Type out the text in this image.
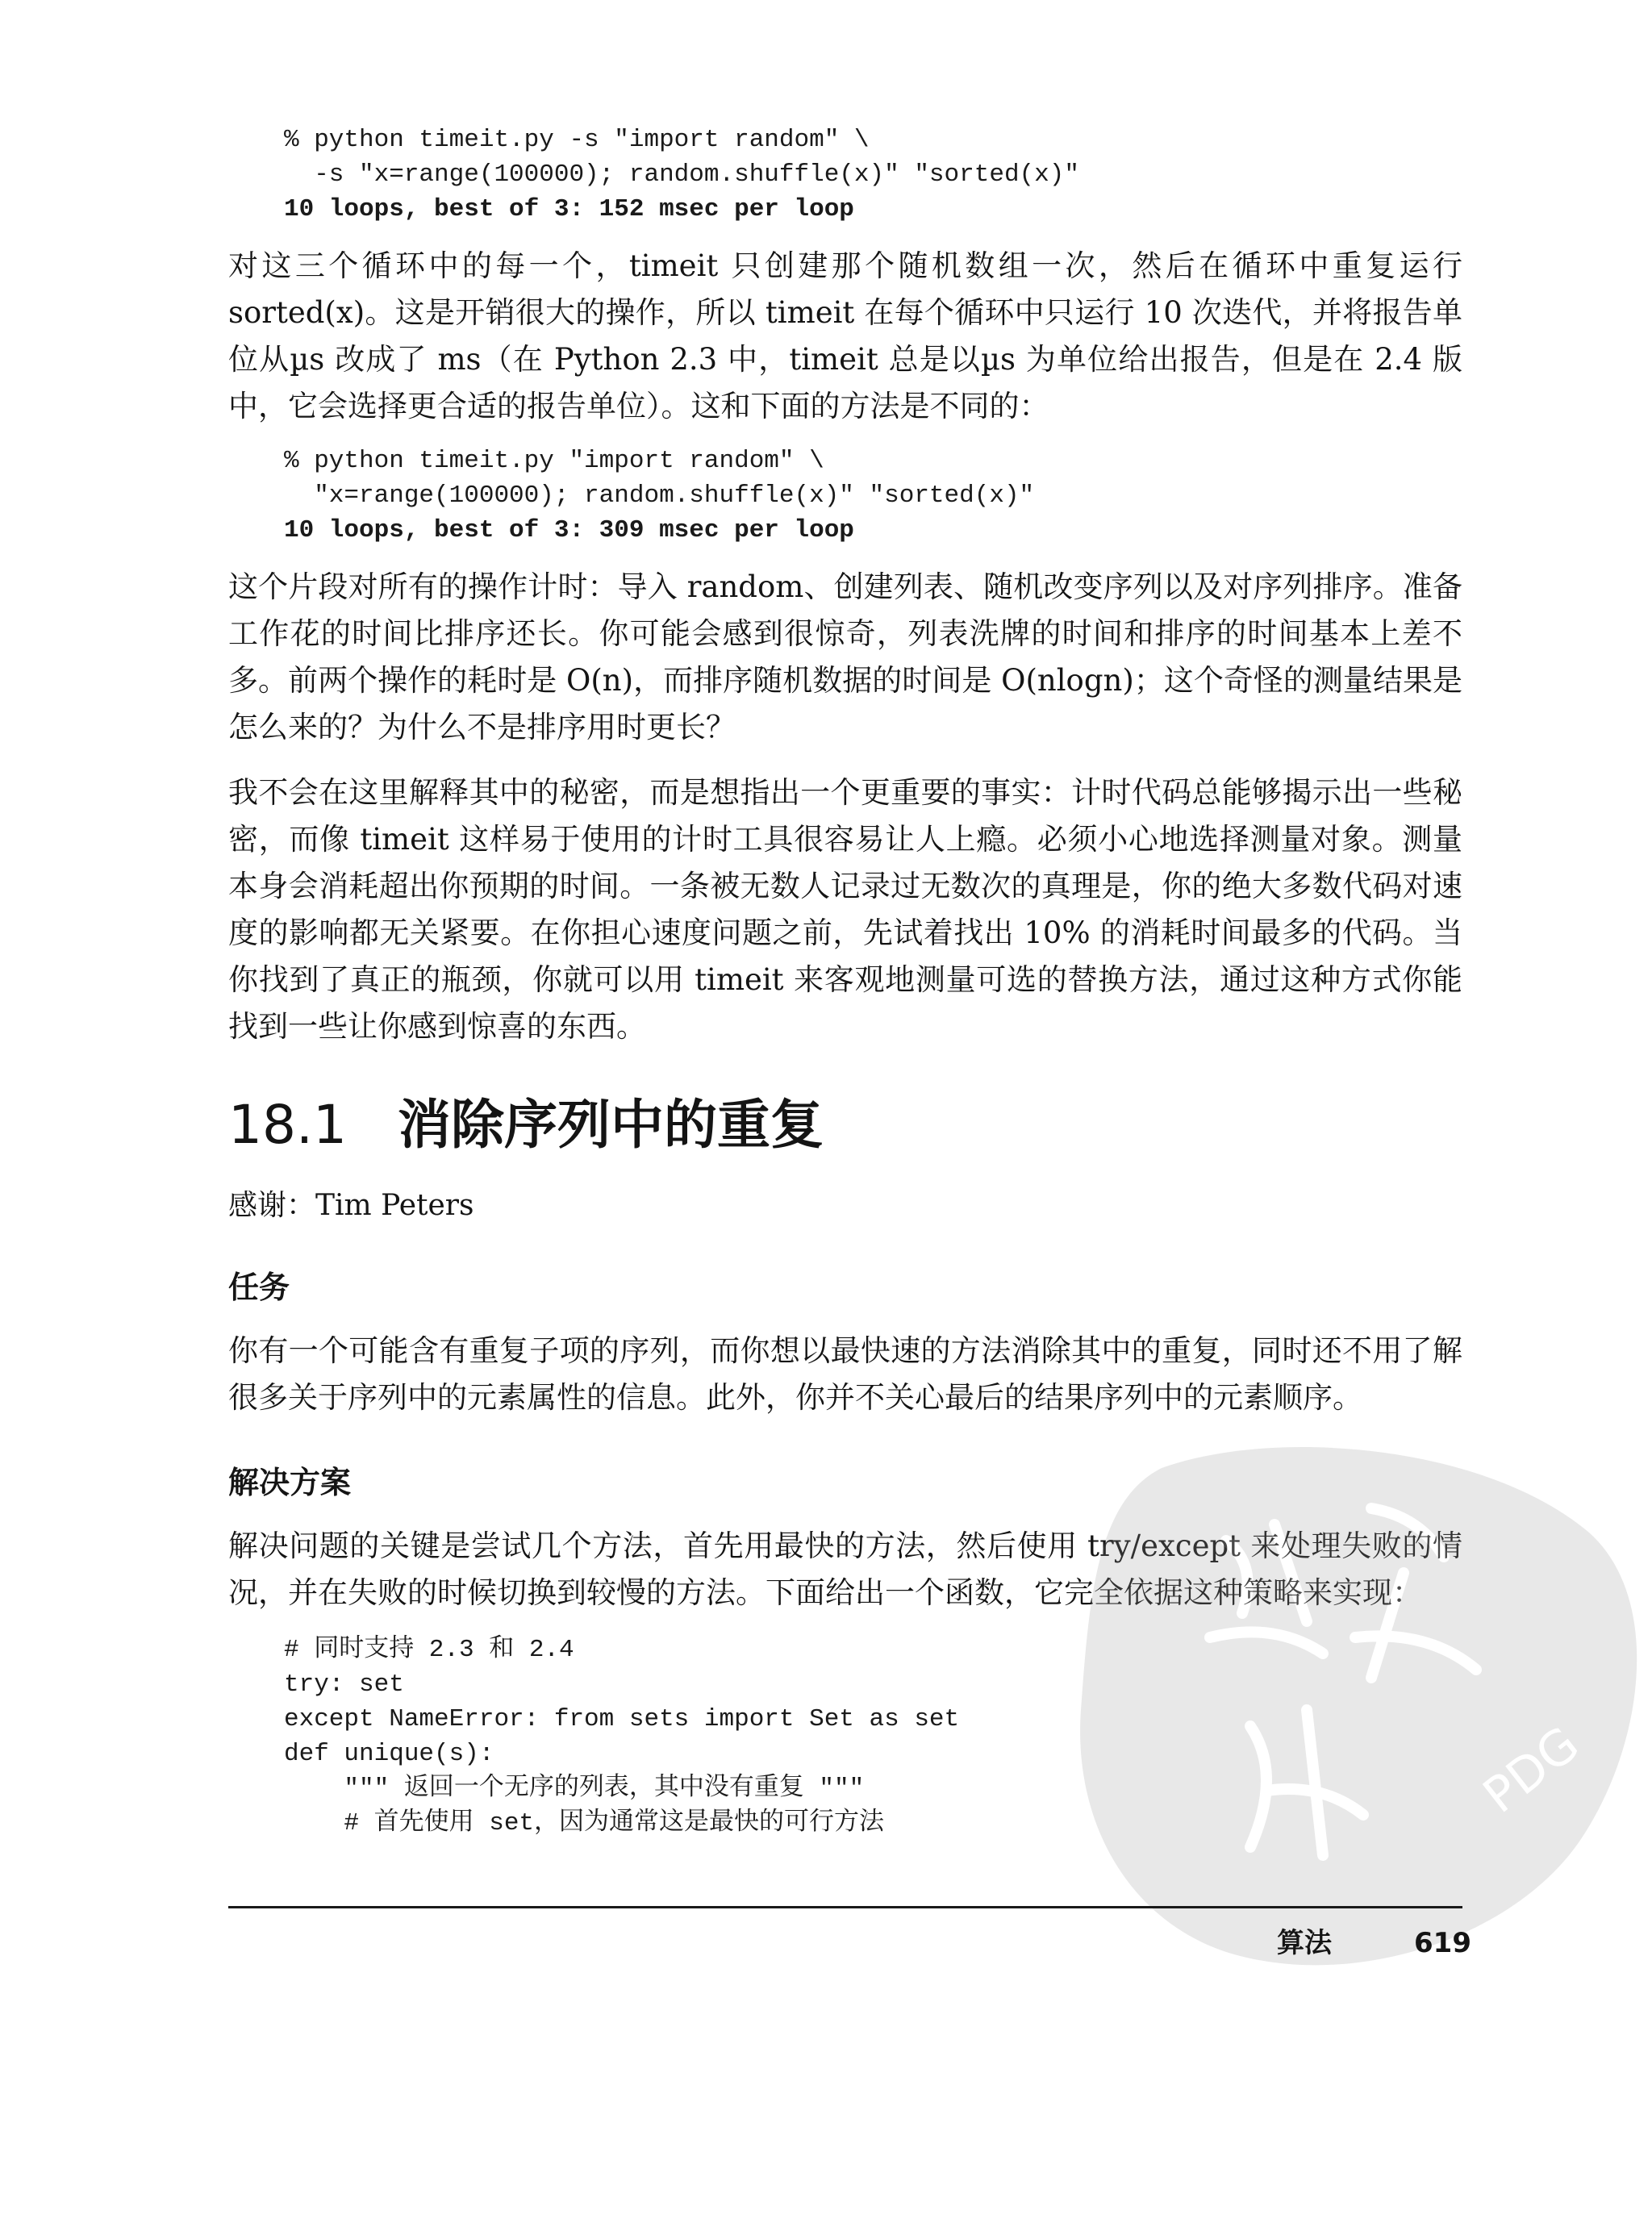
% python timeit.py -s "import random" \
-s "x=range(100000); random.shuffle(x)" "sorted(x)"
10 loops, best of 3: 152 msec per loop

对这三个循环中的每一个，timeit 只创建那个随机数组一次，然后在循环中重复运行 sorted(x)。这是开销很大的操作，所以 timeit 在每个循环中只运行 10 次迭代，并将报告单位从µs 改成了 ms（在 Python 2.3 中，timeit 总是以µs 为单位给出报告，但是在 2.4 版中，它会选择更合适的报告单位）。这和下面的方法是不同的：

% python timeit.py "import random" \
"x=range(100000); random.shuffle(x)" "sorted(x)"
10 loops, best of 3: 309 msec per loop

这个片段对所有的操作计时：导入 random、创建列表、随机改变序列以及对序列排序。准备工作花的时间比排序还长。你可能会感到很惊奇，列表洗牌的时间和排序的时间基本上差不多。前两个操作的耗时是 O(n)，而排序随机数据的时间是 O(nlogn)；这个奇怪的测量结果是怎么来的？为什么不是排序用时更长？

我不会在这里解释其中的秘密，而是想指出一个更重要的事实：计时代码总能够揭示出一些秘密，而像 timeit 这样易于使用的计时工具很容易让人上瘾。必须小心地选择测量对象。测量本身会消耗超出你预期的时间。一条被无数人记录过无数次的真理是，你的绝大多数代码对速度的影响都无关紧要。在你担心速度问题之前，先试着找出 10% 的消耗时间最多的代码。当你找到了真正的瓶颈，你就可以用 timeit 来客观地测量可选的替换方法，通过这种方式你能找到一些让你感到惊喜的东西。

18.1 消除序列中的重复

感谢：Tim Peters

任务

你有一个可能含有重复子项的序列，而你想以最快速的方法消除其中的重复，同时还不用了解很多关于序列中的元素属性的信息。此外，你并不关心最后的结果序列中的元素顺序。

解决方案

解决问题的关键是尝试几个方法，首先用最快的方法，然后使用 try/except 来处理失败的情况，并在失败的时候切换到较慢的方法。下面给出一个函数，它完全依据这种策略来实现：

# 同时支持 2.3 和 2.4
try: set
except NameError: from sets import Set as set
def unique(s):
""" 返回一个无序的列表，其中没有重复 """
# 首先使用 set，因为通常这是最快的可行方法	PDG
算法	619
